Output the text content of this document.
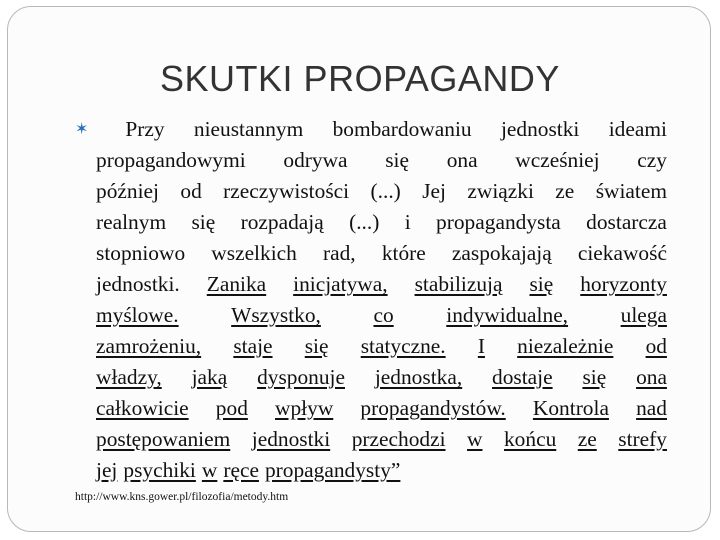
SKUTKI PROPAGANDY
✶	Przy nieustannym bombardowaniu jednostki ideami
propagandowymi odrywa się ona wcześniej czy
później od rzeczywistości (...) Jej związki ze światem
realnym się rozpadają (...) i propagandysta dostarcza
stopniowo wszelkich rad, które zaspokajają ciekawość
jednostki. Zanika inicjatywa, stabilizują się horyzonty
myślowe. Wszystko, co indywidualne, ulega
zamrożeniu, staje się statyczne. I niezależnie od
władzy, jaką dysponuje jednostka, dostaje się ona
całkowicie pod wpływ propagandystów. Kontrola nad
postępowaniem jednostki przechodzi w końcu ze strefy
jej psychiki w ręce propagandysty”
http://www.kns.gower.pl/filozofia/metody.htm
